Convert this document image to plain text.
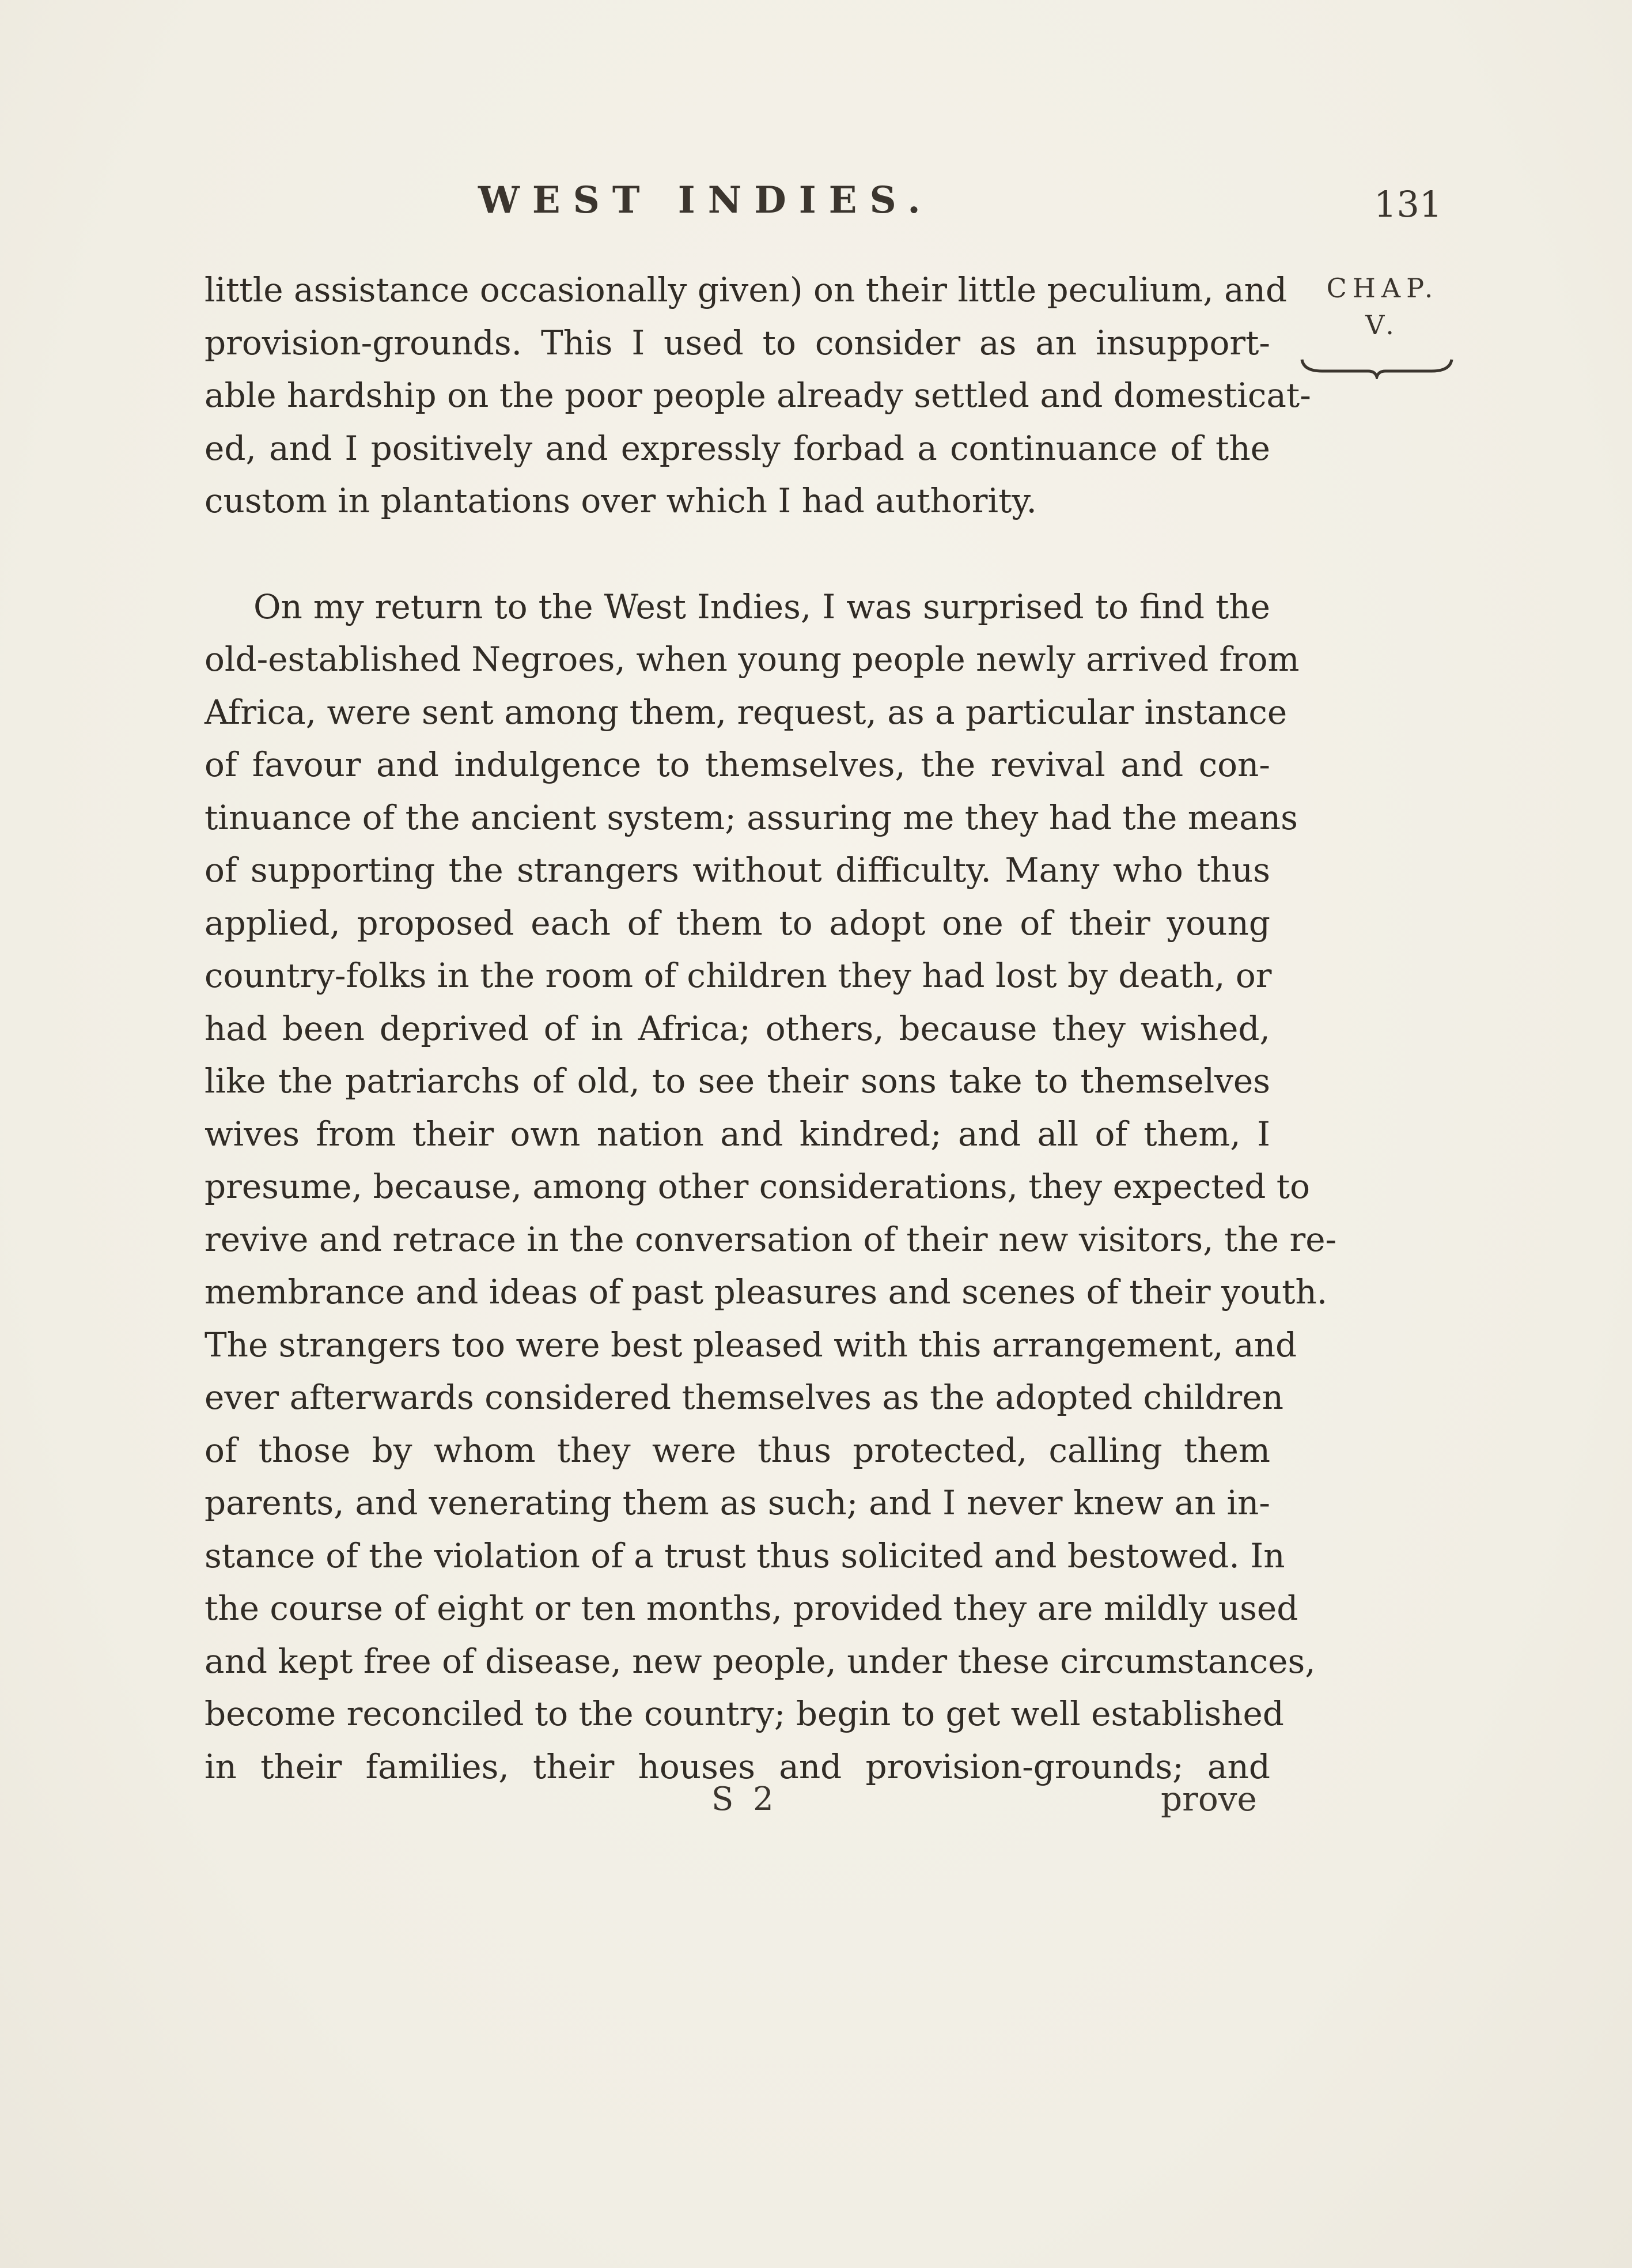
WEST INDIES.	131
CHAP.
V.
little assistance occasionally given) on their little peculium, and
provision-grounds. This I used to consider as an insupport-
able hardship on the poor people already settled and domesticat-
ed, and I positively and expressly forbad a continuance of the
custom in plantations over which I had authority.
On my return to the West Indies, I was surprised to find the
old-established Negroes, when young people newly arrived from
Africa, were sent among them, request, as a particular instance
of favour and indulgence to themselves, the revival and con-
tinuance of the ancient system; assuring me they had the means
of supporting the strangers without difficulty. Many who thus
applied, proposed each of them to adopt one of their young
country-folks in the room of children they had lost by death, or
had been deprived of in Africa; others, because they wished,
like the patriarchs of old, to see their sons take to themselves
wives from their own nation and kindred; and all of them, I
presume, because, among other considerations, they expected to
revive and retrace in the conversation of their new visitors, the re-
membrance and ideas of past pleasures and scenes of their youth.
The strangers too were best pleased with this arrangement, and
ever afterwards considered themselves as the adopted children
of those by whom they were thus protected, calling them
parents, and venerating them as such; and I never knew an in-
stance of the violation of a trust thus solicited and bestowed. In
the course of eight or ten months, provided they are mildly used
and kept free of disease, new people, under these circumstances,
become reconciled to the country; begin to get well established
in their families, their houses and provision-grounds; and
S 2	prove
